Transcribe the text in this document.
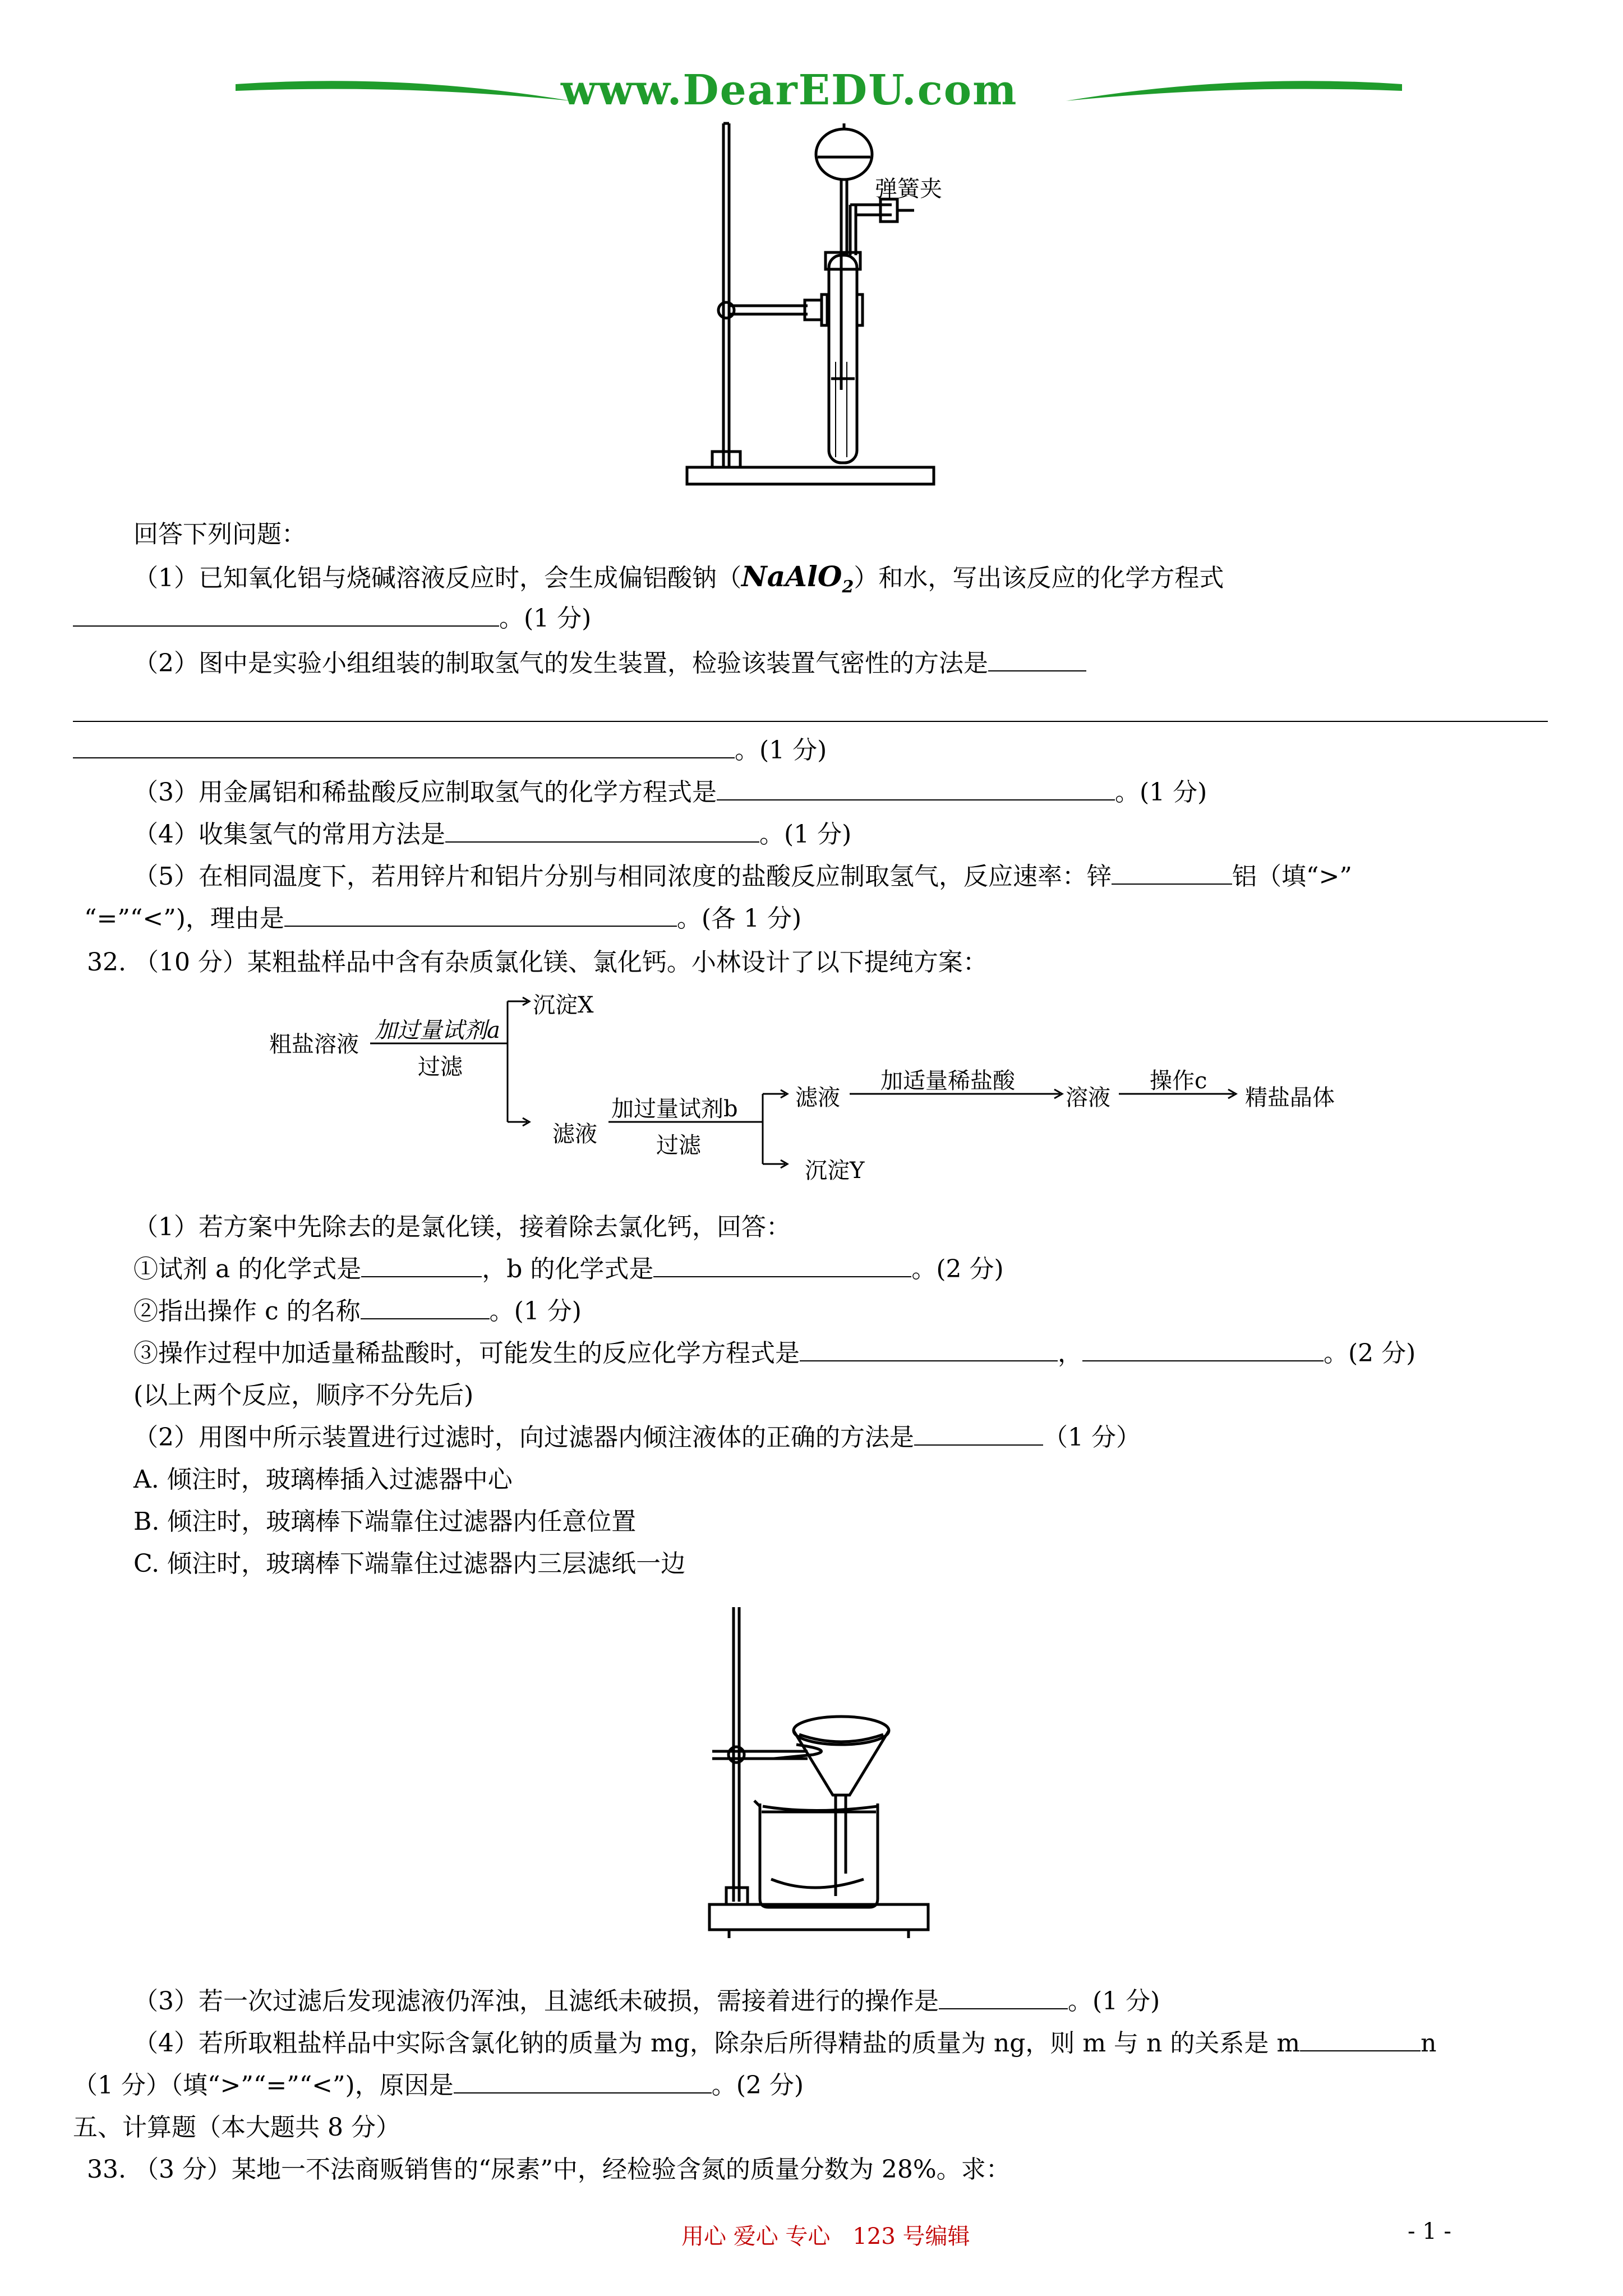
www.DearEDU.com
弹簧夹
回答下列问题：
（1）已知氧化铝与烧碱溶液反应时，会生成偏铝酸钠（NaAlO$_2$）和水，写出该反应的化学方程式
。(1 分)
（2）图中是实验小组组装的制取氢气的发生装置，检验该装置气密性的方法是
。(1 分)
（3）用金属铝和稀盐酸反应制取氢气的化学方程式是	。(1 分)
（4）收集氢气的常用方法是	。(1 分)
（5）在相同温度下，若用锌片和铝片分别与相同浓度的盐酸反应制取氢气，反应速率：锌	铝（填“>”
“=”“<”)，理由是	。(各 1 分)
32. （10 分）某粗盐样品中含有杂质氯化镁、氯化钙。小林设计了以下提纯方案：
粗盐溶液
加过量试剂a
过滤
沉淀X
滤液
加过量试剂b
过滤
滤液
加适量稀盐酸
溶液
操作c
精盐晶体
沉淀Y
（1）若方案中先除去的是氯化镁，接着除去氯化钙，回答：
①试剂 a 的化学式是	，b 的化学式是	。(2 分)
②指出操作 c 的名称	。(1 分)
③操作过程中加适量稀盐酸时，可能发生的反应化学方程式是	，	。(2 分)
(以上两个反应，顺序不分先后)
（2）用图中所示装置进行过滤时，向过滤器内倾注液体的正确的方法是	（1 分）
A. 倾注时，玻璃棒插入过滤器中心
B. 倾注时，玻璃棒下端靠住过滤器内任意位置
C. 倾注时，玻璃棒下端靠住过滤器内三层滤纸一边
（3）若一次过滤后发现滤液仍浑浊，且滤纸未破损，需接着进行的操作是	。(1 分)
（4）若所取粗盐样品中实际含氯化钠的质量为 mg，除杂后所得精盐的质量为 ng，则 m 与 n 的关系是 m	n
（1 分）（填“>”“=”“<”)，原因是	。(2 分)
五、计算题（本大题共 8 分）
33. （3 分）某地一不法商贩销售的“尿素”中，经检验含氮的质量分数为 28%。求：
用心 爱心 专心　123 号编辑	- 1 -
